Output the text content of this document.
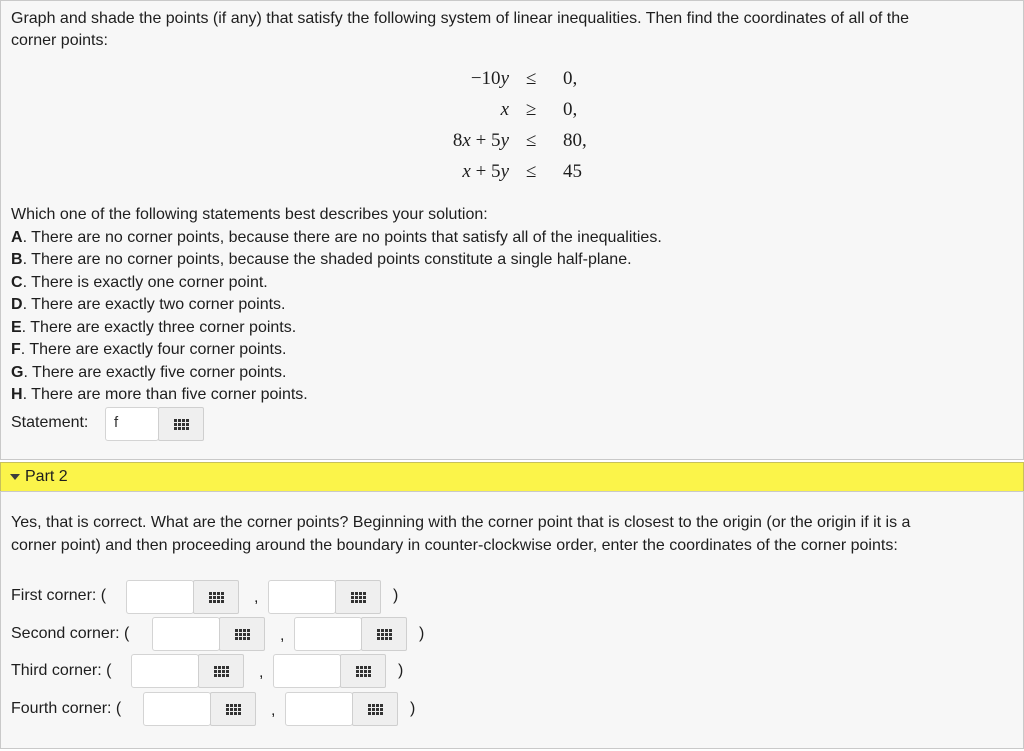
Graph and shade the points (if any) that satisfy the following system of linear inequalities. Then find the coordinates of all of the
corner points:
−10y ≤ 0,
x ≥ 0,
8x + 5y ≤ 80,
x + 5y ≤ 45
Which one of the following statements best describes your solution:
A. There are no corner points, because there are no points that satisfy all of the inequalities.
B. There are no corner points, because the shaded points constitute a single half-plane.
C. There is exactly one corner point.
D. There are exactly two corner points.
E. There are exactly three corner points.
F. There are exactly four corner points.
G. There are exactly five corner points.
H. There are more than five corner points.
Statement: f
Part 2
Yes, that is correct. What are the corner points? Beginning with the corner point that is closest to the origin (or the origin if it is a
corner point) and then proceeding around the boundary in counter-clockwise order, enter the coordinates of the corner points:
First corner: (	,	)
Second corner: (	,	)
Third corner: (	,	)
Fourth corner: (	,	)
